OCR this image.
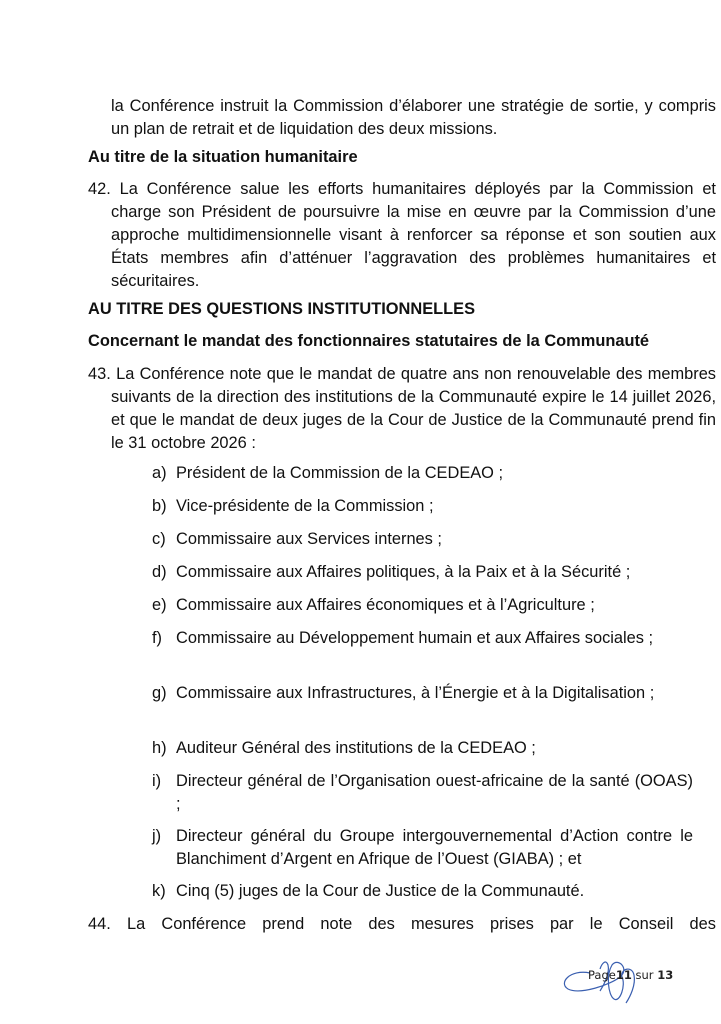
la Conférence instruit la Commission d’élaborer une stratégie de sortie, y compris un plan de retrait et de liquidation des deux missions.
Au titre de la situation humanitaire
42. La Conférence salue les efforts humanitaires déployés par la Commission et charge son Président de poursuivre la mise en œuvre par la Commission d’une approche multidimensionnelle visant à renforcer sa réponse et son soutien aux États membres afin d’atténuer l’aggravation des problèmes humanitaires et sécuritaires.
AU TITRE DES QUESTIONS INSTITUTIONNELLES
Concernant le mandat des fonctionnaires statutaires de la Communauté
43. La Conférence note que le mandat de quatre ans non renouvelable des membres suivants de la direction des institutions de la Communauté expire le 14 juillet 2026, et que le mandat de deux juges de la Cour de Justice de la Communauté prend fin le 31 octobre 2026 :
a) Président de la Commission de la CEDEAO ;
b) Vice-présidente de la Commission ;
c) Commissaire aux Services internes ;
d) Commissaire aux Affaires politiques, à la Paix et à la Sécurité ;
e) Commissaire aux Affaires économiques et à l’Agriculture ;
f) Commissaire au Développement humain et aux Affaires sociales ;
g) Commissaire aux Infrastructures, à l’Énergie et à la Digitalisation ;
h) Auditeur Général des institutions de la CEDEAO ;
i) Directeur général de l’Organisation ouest-africaine de la santé (OOAS) ;
j) Directeur général du Groupe intergouvernemental d’Action contre le Blanchiment d’Argent en Afrique de l’Ouest (GIABA) ; et
k) Cinq (5) juges de la Cour de Justice de la Communauté.
44. La Conférence prend note des mesures prises par le Conseil des
Page11 sur 13
